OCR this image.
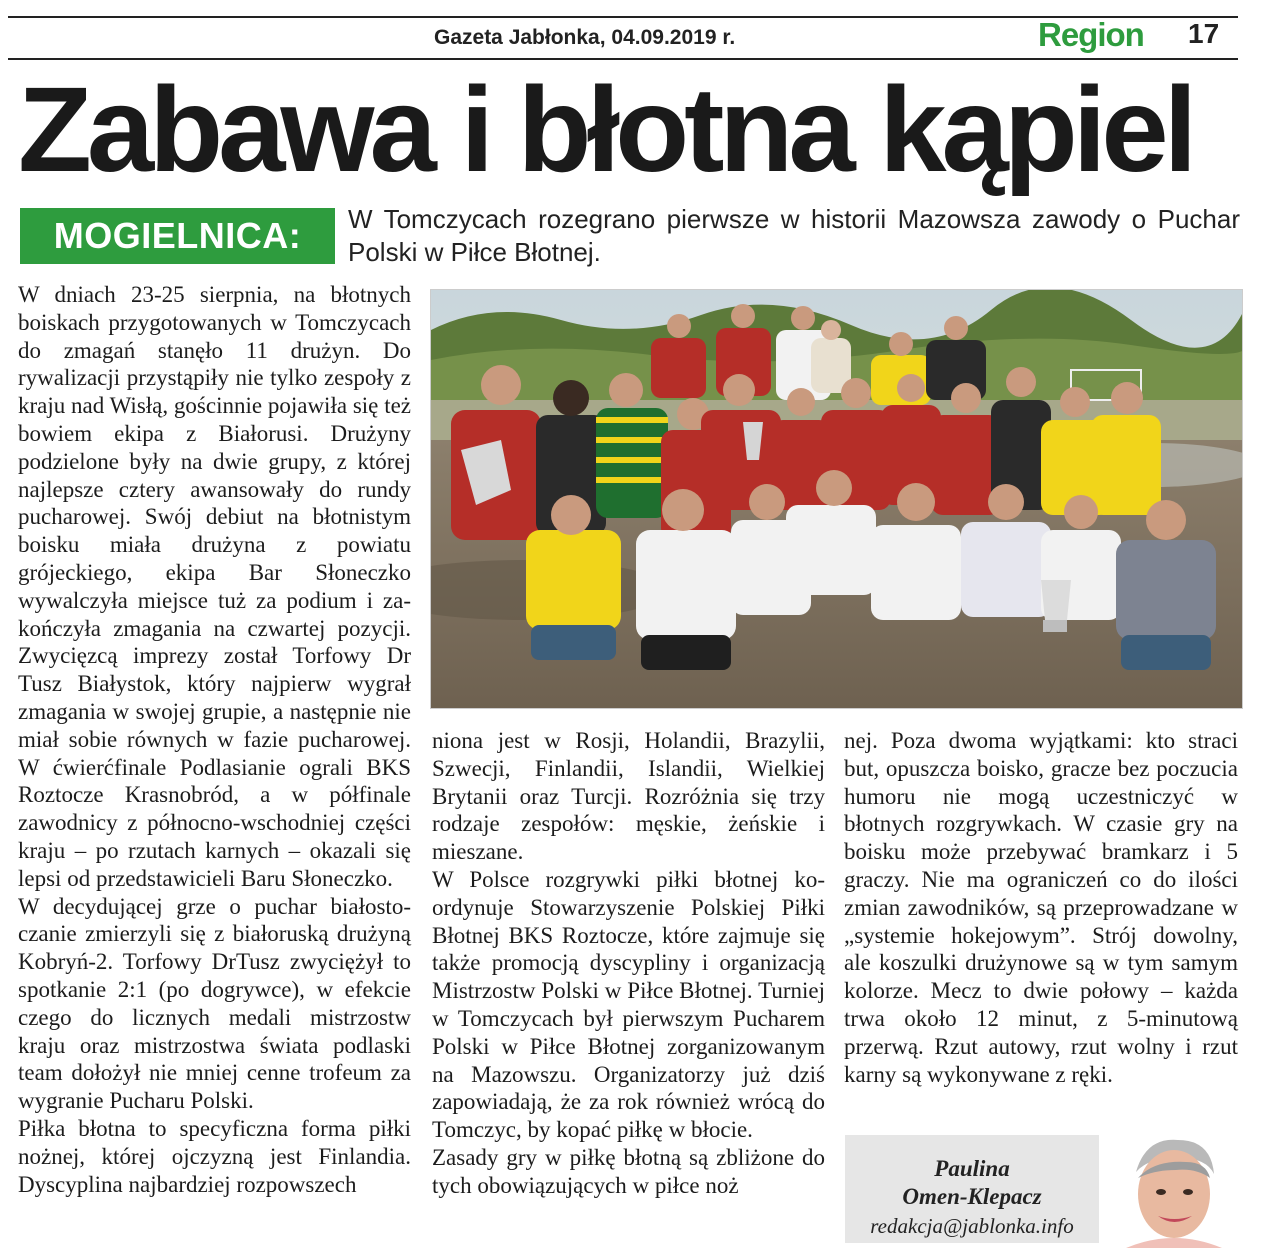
Gazeta Jabłonka, 04.09.2019 r.	Region 17
Zabawa i błotna kąpiel
MOGIELNICA:	W Tomczycach rozegrano pierwsze w historii Mazowsza zawody o Puchar Polski w Piłce Błotnej.

W dniach 23-25 sierpnia, na błotnych boiskach przygotowanych w Tomczycach do zmagań stanęło 11 drużyn. Do rywalizacji przystąpiły nie tylko zespoły z kraju nad Wisłą, gościnnie pojawiła się też bowiem ekipa z Białorusi. Drużyny podzielone były na dwie grupy, z której najlepsze cztery awansowały do rundy pucharowej. Swój debiut na błotnistym boisku miała drużyna z powiatu grójeckiego, ekipa Bar Słoneczko wywalczyła miejsce tuż za podium i zakończyła zmagania na czwartej pozycji. Zwycięzcą imprezy został Torfowy Dr Tusz Białystok, który najpierw wygrał zmagania w swojej grupie, a następnie nie miał sobie równych w fazie pucharowej. W ćwierćfinale Podlasianie ograli BKS Roztocze Krasnobród, a w półfinale zawodnicy z północno-wschodniej części kraju – po rzutach karnych – okazali się lepsi od przedstawicieli Baru Słoneczko.

W decydującej grze o puchar białostoczanie zmierzyli się z białoruską drużyną Kobryń-2. Torfowy DrTusz zwyciężył to spotkanie 2:1 (po dogrywce), w efekcie czego do licznych medali mistrzostw kraju oraz mistrzostwa świata podlaski team dołożył nie mniej cenne trofeum za wygranie Pucharu Polski.

Piłka błotna to specyficzna forma piłki nożnej, której ojczyzną jest Finlandia. Dyscyplina najbardziej rozpowszech

niona jest w Rosji, Holandii, Brazylii, Szwecji, Finlandii, Islandii, Wielkiej Brytanii oraz Turcji. Rozróżnia się trzy rodzaje zespołów: męskie, żeńskie i mieszane.

W Polsce rozgrywki piłki błotnej koordynuje Stowarzyszenie Polskiej Piłki Błotnej BKS Roztocze, które zajmuje się także promocją dyscypliny i organizacją Mistrzostw Polski w Piłce Błotnej. Turniej w Tomczycach był pierwszym Pucharem Polski w Piłce Błotnej zorganizowanym na Mazowszu. Organizatorzy już dziś zapowiadają, że za rok również wrócą do Tomczyc, by kopać piłkę w błocie.

Zasady gry w piłkę błotną są zbliżone do tych obowiązujących w piłce noż

nej. Poza dwoma wyjątkami: kto straci but, opuszcza boisko, gracze bez poczucia humoru nie mogą uczestniczyć w błotnych rozgrywkach. W czasie gry na boisku może przebywać bramkarz i 5 graczy. Nie ma ograniczeń co do ilości zmian zawodników, są przeprowadzane w „systemie hokejowym”. Strój dowolny, ale koszulki drużynowe są w tym samym kolorze. Mecz to dwie połowy – każda trwa około 12 minut, z 5-minutową przerwą. Rzut autowy, rzut wolny i rzut karny są wykonywane z ręki.

Paulina
Omen-Klepacz
redakcja@jablonka.info
